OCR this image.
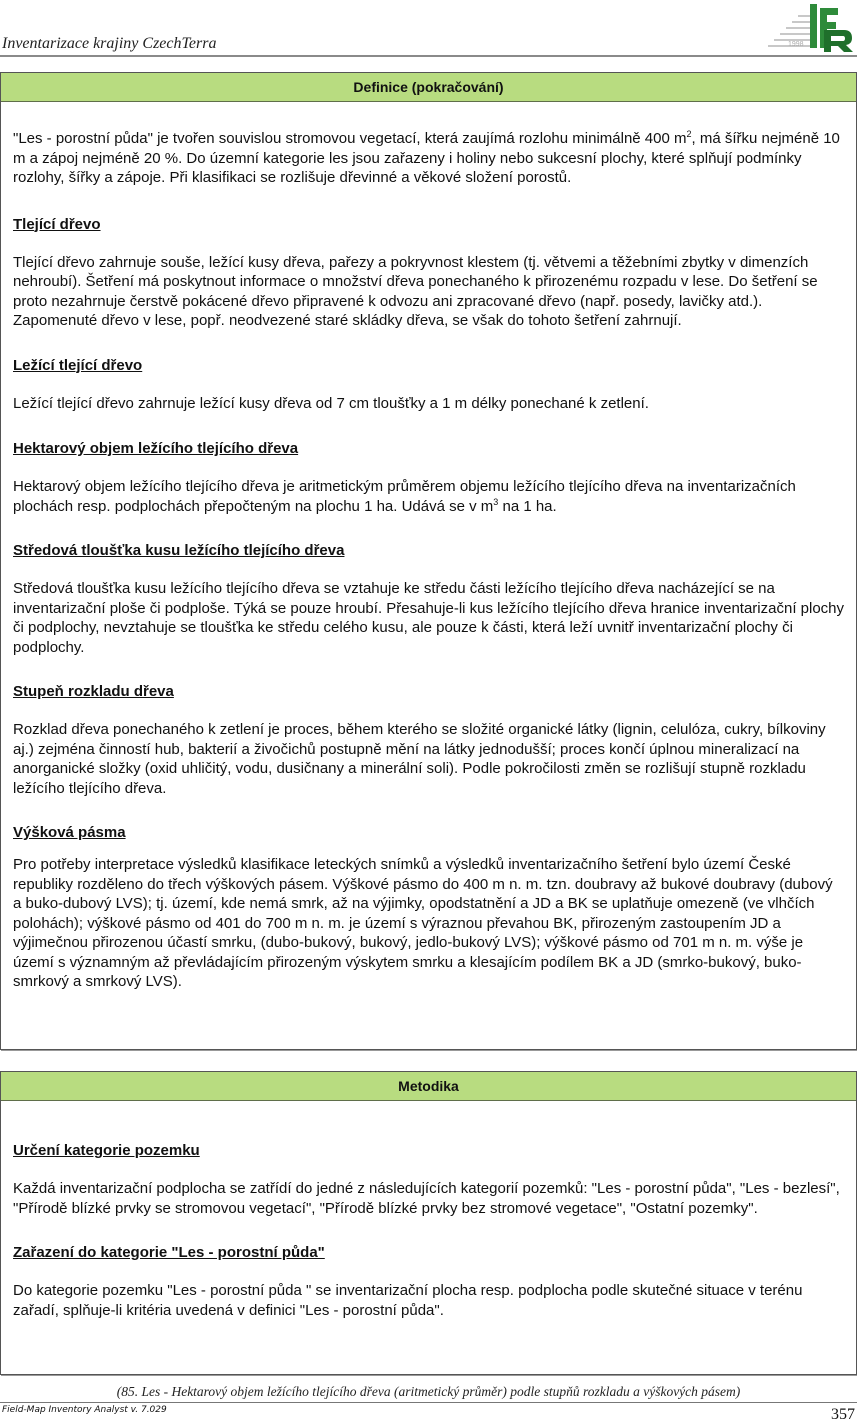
Inventarizace krajiny CzechTerra	1998
Definice (pokračování)

"Les - porostní půda" je tvořen souvislou stromovou vegetací, která zaujímá rozlohu minimálně 400 $m^2$, má šířku nejméně 10 m a zápoj nejméně 20 %. Do územní kategorie les jsou zařazeny i holiny nebo sukcesní plochy, které splňují podmínky rozlohy, šířky a zápoje. Při klasifikaci se rozlišuje dřevinné a věkové složení porostů.

Tlející dřevo

Tlející dřevo zahrnuje souše, ležící kusy dřeva, pařezy a pokryvnost klestem (tj. větvemi a těžebními zbytky v dimenzích nehroubí). Šetření má poskytnout informace o množství dřeva ponechaného k přirozenému rozpadu v lese. Do šetření se proto nezahrnuje čerstvě pokácené dřevo připravené k odvozu ani zpracované dřevo (např. posedy, lavičky atd.). Zapomenuté dřevo v lese, popř. neodvezené staré skládky dřeva, se však do tohoto šetření zahrnují.

Ležící tlející dřevo

Ležící tlející dřevo zahrnuje ležící kusy dřeva od 7 cm tloušťky a 1 m délky ponechané k zetlení.

Hektarový objem ležícího tlejícího dřeva

Hektarový objem ležícího tlejícího dřeva je aritmetickým průměrem objemu ležícího tlejícího dřeva na inventarizačních plochách resp. podplochách přepočteným na plochu 1 ha. Udává se v $m^3$ na 1 ha.

Středová tloušťka kusu ležícího tlejícího dřeva

Středová tloušťka kusu ležícího tlejícího dřeva se vztahuje ke středu části ležícího tlejícího dřeva nacházející se na inventarizační ploše či podploše. Týká se pouze hroubí. Přesahuje-li kus ležícího tlejícího dřeva hranice inventarizační plochy či podplochy, nevztahuje se tloušťka ke středu celého kusu, ale pouze k části, která leží uvnitř inventarizační plochy či podplochy.

Stupeň rozkladu dřeva

Rozklad dřeva ponechaného k zetlení je proces, během kterého se složité organické látky (lignin, celulóza, cukry, bílkoviny aj.) zejména činností hub, bakterií a živočichů postupně mění na látky jednodušší; proces končí úplnou mineralizací na anorganické složky (oxid uhličitý, vodu, dusičnany a minerální soli). Podle pokročilosti změn se rozlišují stupně rozkladu ležícího tlejícího dřeva.

Výšková pásma

Pro potřeby interpretace výsledků klasifikace leteckých snímků a výsledků inventarizačního šetření bylo území České republiky rozděleno do třech výškových pásem. Výškové pásmo do 400 m n. m. tzn. doubravy až bukové doubravy (dubový a buko-dubový LVS); tj. území, kde nemá smrk, až na výjimky, opodstatnění a JD a BK se uplatňuje omezeně (ve vlhčích polohách); výškové pásmo od 401 do 700 m n. m. je území s výraznou převahou BK, přirozeným zastoupením JD a výjimečnou přirozenou účastí smrku, (dubo-bukový, bukový, jedlo-bukový LVS); výškové pásmo od 701 m n. m. výše je území s významným až převládajícím přirozeným výskytem smrku a klesajícím podílem BK a JD (smrko-bukový, buko-smrkový a smrkový LVS).

Metodika

Určení kategorie pozemku

Každá inventarizační podplocha se zatřídí do jedné z následujících kategorií pozemků: "Les - porostní půda", "Les - bezlesí", "Přírodě blízké prvky se stromovou vegetací", "Přírodě blízké prvky bez stromové vegetace", "Ostatní pozemky".

Zařazení do kategorie "Les - porostní půda"

Do kategorie pozemku "Les - porostní půda " se inventarizační plocha resp. podplocha podle skutečné situace v terénu zařadí, splňuje-li kritéria uvedená v definici "Les - porostní půda".

(85. Les - Hektarový objem ležícího tlejícího dřeva (aritmetický průměr) podle stupňů rozkladu a výškových pásem)
Field-Map Inventory Analyst v. 7.029	357
